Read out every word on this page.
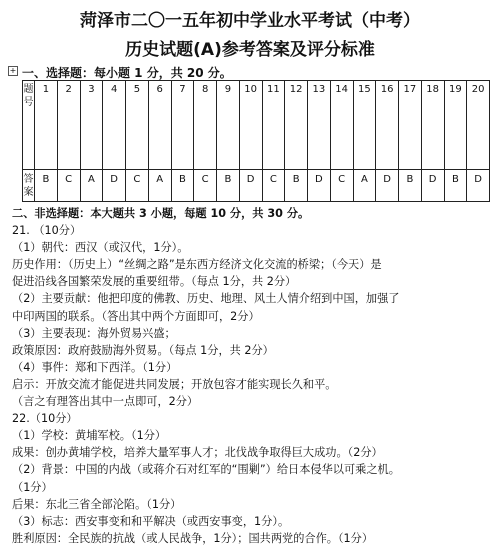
菏泽市二〇一五年初中学业水平考试（中考）
历史试题(A)参考答案及评分标准
+ 一、选择题：每小题 1 分，共 20 分。
题号	1	2	3	4	5	6	7	8	9	10	11	12	13	14	15	16	17	18	19	20
答案	B	C	A	D	C	A	B	C	B	D	C	B	D	C	A	D	B	D	B	D
二、非选择题：本大题共 3 小题，每题 10 分，共 30 分。
21. （10分）
（1）朝代：西汉（或汉代，1分）。
历史作用：（历史上）“丝绸之路”是东西方经济文化交流的桥梁；（今天）是
促进沿线各国繁荣发展的重要纽带。（每点 1分，共 2分）
（2）主要贡献：他把印度的佛教、历史、地理、风土人情介绍到中国，加强了
中印两国的联系。（答出其中两个方面即可，2分）
（3）主要表现：海外贸易兴盛；
政策原因：政府鼓励海外贸易。（每点 1分，共 2分）
（4）事件：郑和下西洋。（1分）
启示：开放交流才能促进共同发展；开放包容才能实现长久和平。
（言之有理答出其中一点即可，2分）
22.（10分）
（1）学校：黄埔军校。（1分）
成果：创办黄埔学校，培养大量军事人才；北伐战争取得巨大成功。（2分）
（2）背景：中国的内战（或蒋介石对红军的“围剿”）给日本侵华以可乘之机。
（1分）
后果：东北三省全部沦陷。（1分）
（3）标志：西安事变和和平解决（或西安事变，1分）。
胜利原因：全民族的抗战（或人民战争，1分）；国共两党的合作。（1分）
